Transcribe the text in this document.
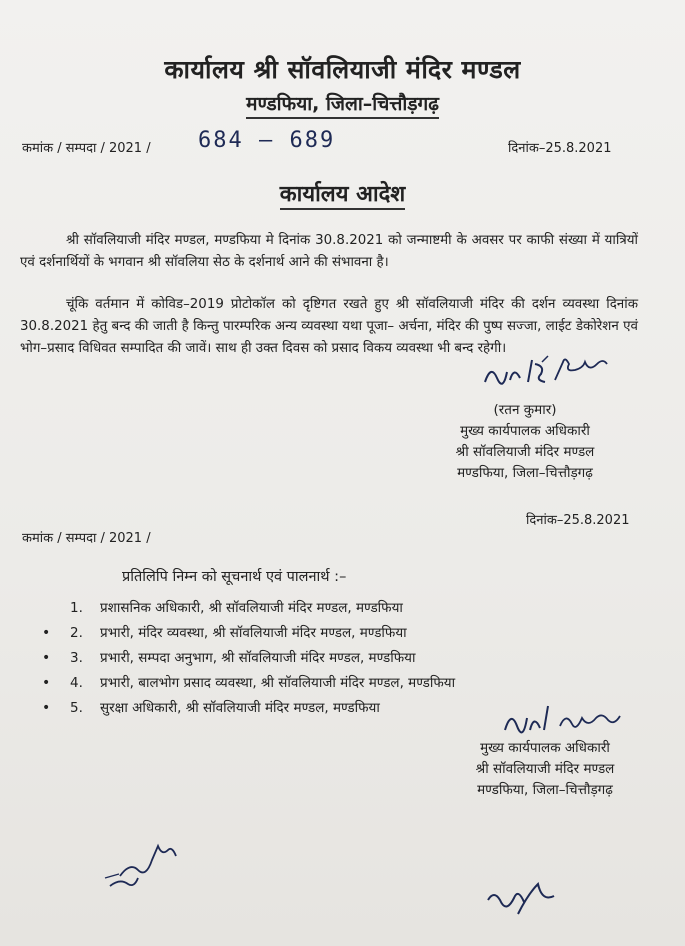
कार्यालय श्री सॉवलियाजी मंदिर मण्डल
मण्डफिया, जिला–चित्तौड़गढ़
कमांक / सम्पदा / 2021 / 684 – 689	दिनांक–25.8.2021
कार्यालय आदेश
श्री सॉवलियाजी मंदिर मण्डल, मण्डफिया मे दिनांक 30.8.2021 को जन्माष्टमी के अवसर पर काफी संख्या में यात्रियों एवं दर्शनार्थियों के भगवान श्री सॉवलिया सेठ के दर्शनार्थ आने की संभावना है।
चूंकि वर्तमान में कोविड–2019 प्रोटोकॉल को दृष्टिगत रखते हुए श्री सॉवलियाजी मंदिर की दर्शन व्यवस्था दिनांक 30.8.2021 हेतु बन्द की जाती है किन्तु पारम्परिक अन्य व्यवस्था यथा पूजा– अर्चना, मंदिर की पुष्प सज्जा, लाईट डेकोरेशन एवं भोग–प्रसाद विधिवत सम्पादित की जावें। साथ ही उक्त दिवस को प्रसाद विकय व्यवस्था भी बन्द रहेगी।
(रतन कुमार)
मुख्य कार्यपालक अधिकारी
श्री सॉवलियाजी मंदिर मण्डल
मण्डफिया, जिला–चित्तौड़गढ़
दिनांक–25.8.2021
कमांक / सम्पदा / 2021 /
प्रतिलिपि निम्न को सूचनार्थ एवं पालनार्थ :–
1. प्रशासनिक अधिकारी, श्री सॉवलियाजी मंदिर मण्डल, मण्डफिया
• 2. प्रभारी, मंदिर व्यवस्था, श्री सॉवलियाजी मंदिर मण्डल, मण्डफिया
• 3. प्रभारी, सम्पदा अनुभाग, श्री सॉवलियाजी मंदिर मण्डल, मण्डफिया
• 4. प्रभारी, बालभोग प्रसाद व्यवस्था, श्री सॉवलियाजी मंदिर मण्डल, मण्डफिया
• 5. सुरक्षा अधिकारी, श्री सॉवलियाजी मंदिर मण्डल, मण्डफिया
मुख्य कार्यपालक अधिकारी
श्री सॉवलियाजी मंदिर मण्डल
मण्डफिया, जिला–चित्तौड़गढ़
